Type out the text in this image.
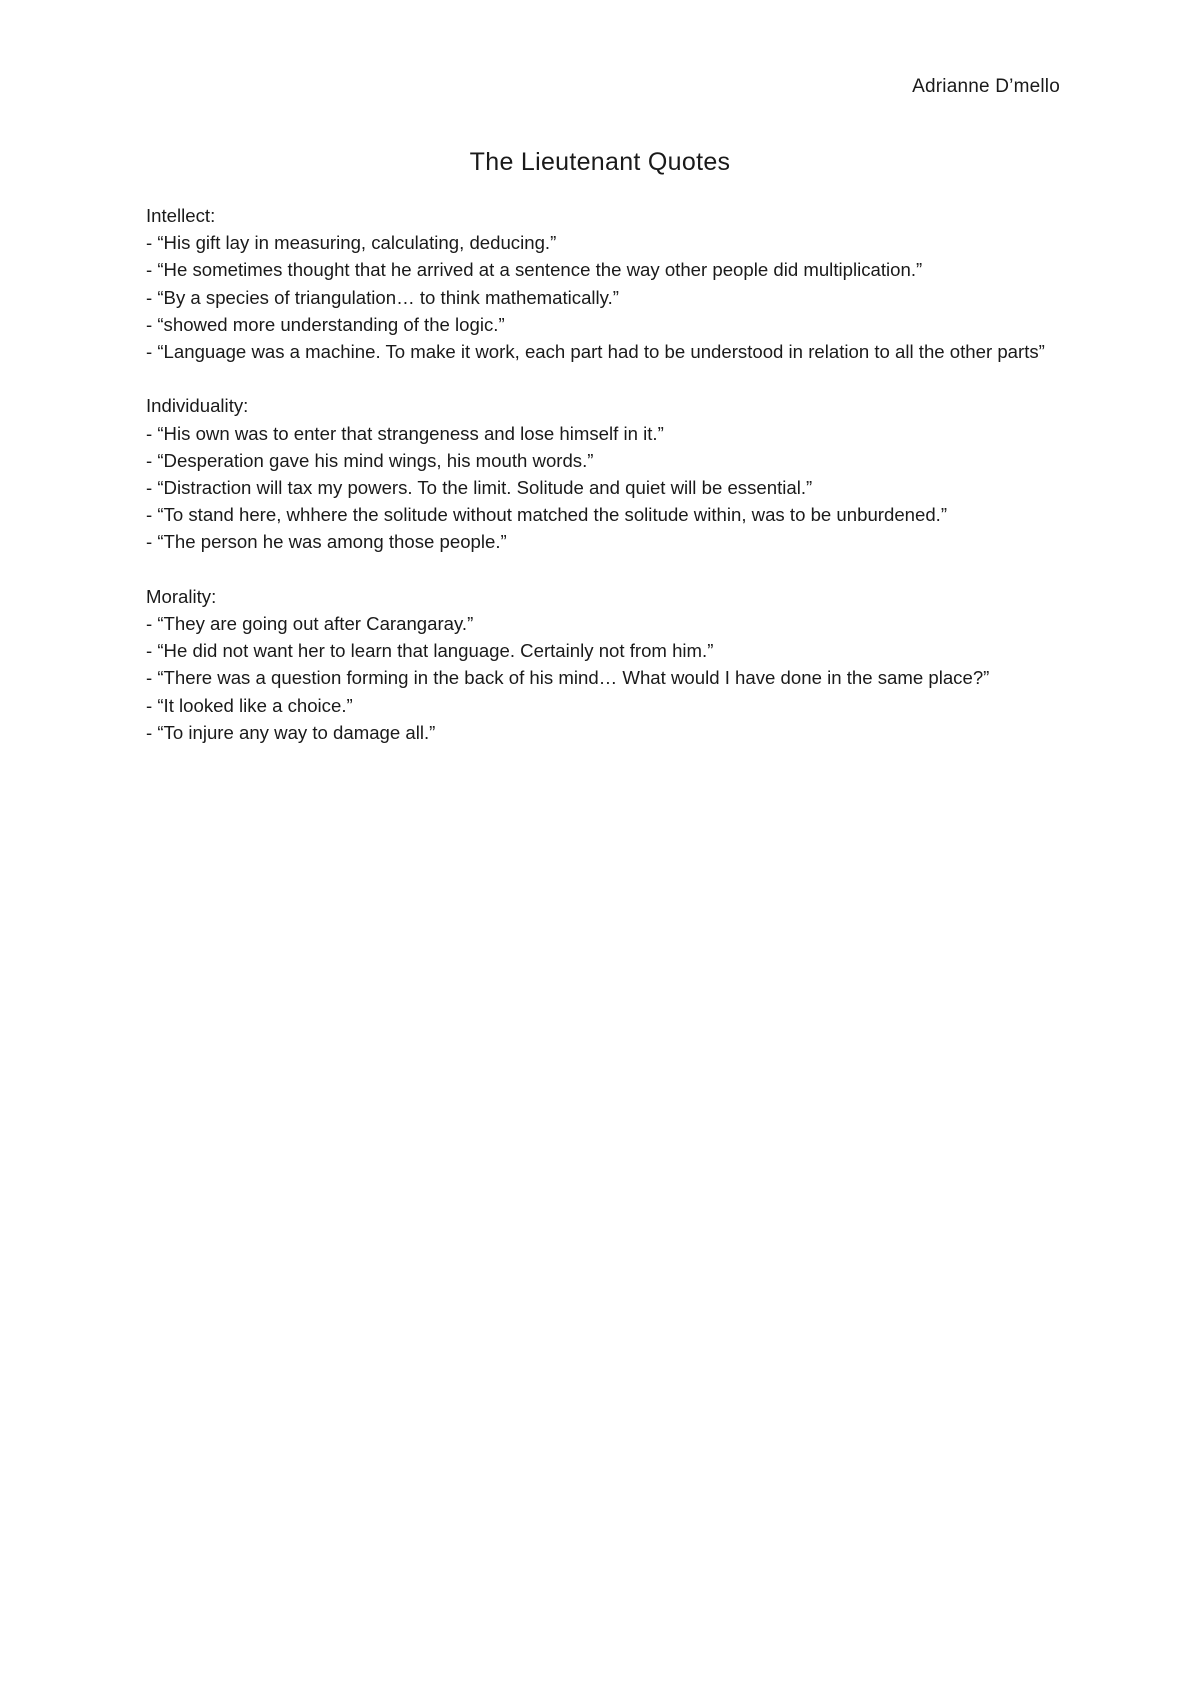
Adrianne D’mello
The Lieutenant Quotes
Intellect:
- “His gift lay in measuring, calculating, deducing.”
- “He sometimes thought that he arrived at a sentence the way other people did multiplication.”
- “By a species of triangulation… to think mathematically.”
- “showed more understanding of the logic.”
- “Language was a machine. To make it work, each part had to be understood in relation to all the other parts”
Individuality:
- “His own was to enter that strangeness and lose himself in it.”
- “Desperation gave his mind wings, his mouth words.”
- “Distraction will tax my powers. To the limit. Solitude and quiet will be essential.”
- “To stand here, whhere the solitude without matched the solitude within, was to be unburdened.”
- “The person he was among those people.”
Morality:
- “They are going out after Carangaray.”
- “He did not want her to learn that language. Certainly not from him.”
- “There was a question forming in the back of his mind… What would I have done in the same place?”
- “It looked like a choice.”
- “To injure any way to damage all.”
